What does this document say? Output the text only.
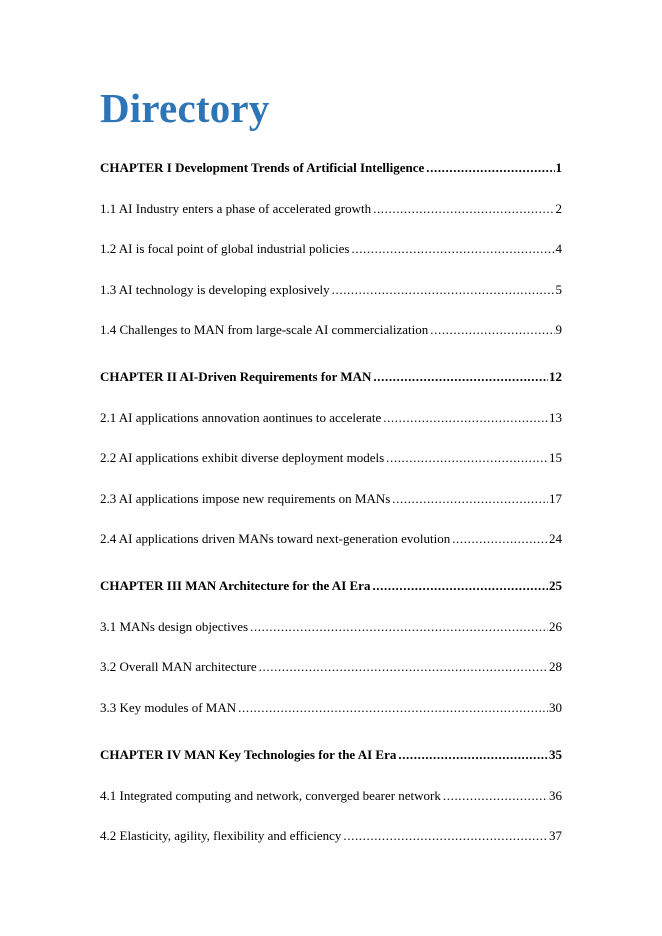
Directory
CHAPTER I Development Trends of Artificial Intelligence .....	1
1.1 AI Industry enters a phase of accelerated growth .....	2
1.2 AI is focal point of global industrial policies .....	4
1.3 AI technology is developing explosively .....	5
1.4 Challenges to MAN from large-scale AI commercialization .....	9
CHAPTER II AI-Driven Requirements for MAN .....	12
2.1 AI applications annovation aontinues to accelerate .....	13
2.2 AI applications exhibit diverse deployment models .....	15
2.3 AI applications impose new requirements on MANs .....	17
2.4 AI applications driven MANs toward next-generation evolution .....	24
CHAPTER III MAN Architecture for the AI Era .....	25
3.1 MANs design objectives .....	26
3.2 Overall MAN architecture .....	28
3.3 Key modules of MAN .....	30
CHAPTER IV MAN Key Technologies for the AI Era .....	35
4.1 Integrated computing and network, converged bearer network .....	36
4.2 Elasticity, agility, flexibility and efficiency .....	37
